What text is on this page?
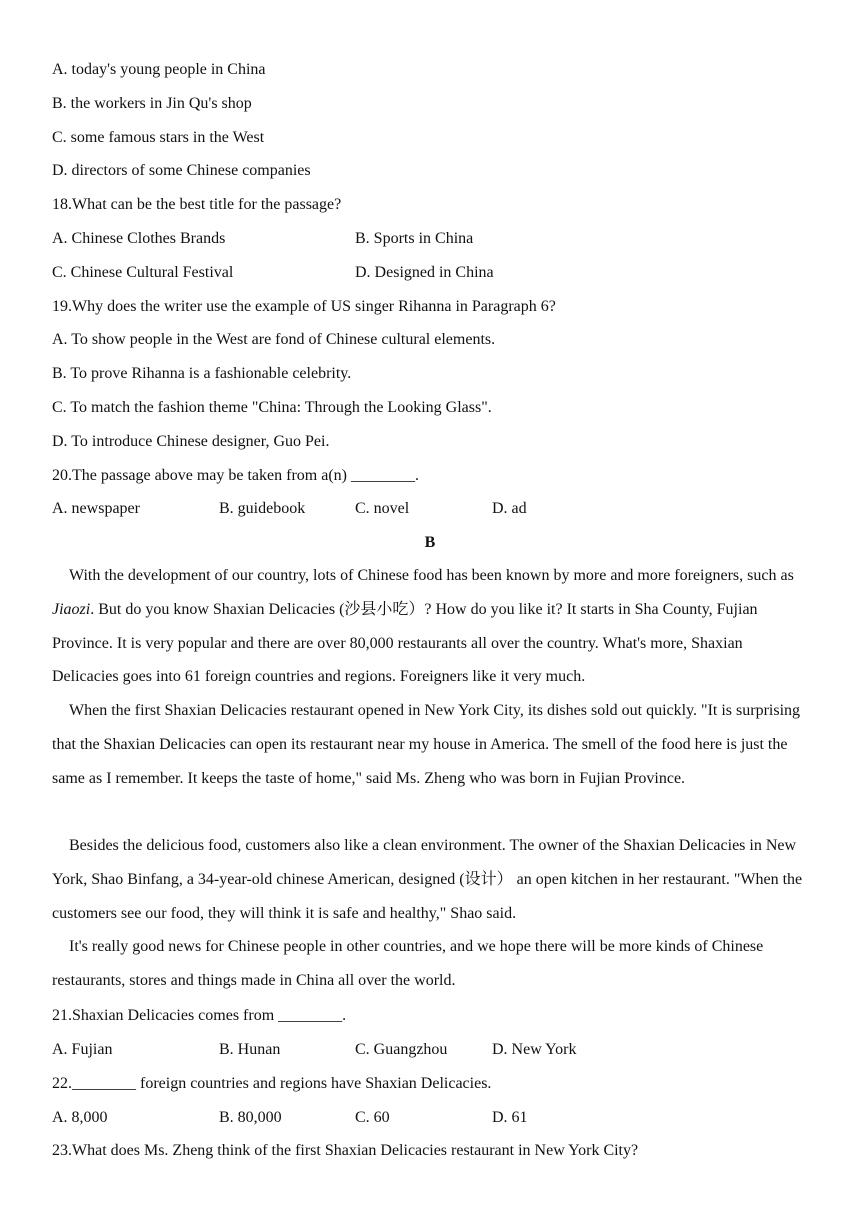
A. today's young people in China
B. the workers in Jin Qu's shop
C. some famous stars in the West
D. directors of some Chinese companies
18.What can be the best title for the passage?
A. Chinese Clothes Brands	B. Sports in China
C. Chinese Cultural Festival	D. Designed in China
19.Why does the writer use the example of US singer Rihanna in Paragraph 6?
A. To show people in the West are fond of Chinese cultural elements.
B. To prove Rihanna is a fashionable celebrity.
C. To match the fashion theme "China: Through the Looking Glass".
D. To introduce Chinese designer, Guo Pei.
20.The passage above may be taken from a(n) ________.
A. newspaper	B. guidebook	C. novel	D. ad
B
With the development of our country, lots of Chinese food has been known by more and more foreigners, such as Jiaozi. But do you know Shaxian Delicacies (沙县小吃）? How do you like it? It starts in Sha County, Fujian Province. It is very popular and there are over 80,000 restaurants all over the country. What's more, Shaxian Delicacies goes into 61 foreign countries and regions. Foreigners like it very much.
When the first Shaxian Delicacies restaurant opened in New York City, its dishes sold out quickly. "It is surprising that the Shaxian Delicacies can open its restaurant near my house in America. The smell of the food here is just the same as I remember. It keeps the taste of home," said Ms. Zheng who was born in Fujian Province.
Besides the delicious food, customers also like a clean environment. The owner of the Shaxian Delicacies in New York, Shao Binfang, a 34-year-old chinese American, designed (设计） an open kitchen in her restaurant. "When the customers see our food, they will think it is safe and healthy," Shao said.
It's really good news for Chinese people in other countries, and we hope there will be more kinds of Chinese restaurants, stores and things made in China all over the world.
21.Shaxian Delicacies comes from ________.
A. Fujian	B. Hunan	C. Guangzhou	D. New York
22.________ foreign countries and regions have Shaxian Delicacies.
A. 8,000	B. 80,000	C. 60	D. 61
23.What does Ms. Zheng think of the first Shaxian Delicacies restaurant in New York City?
